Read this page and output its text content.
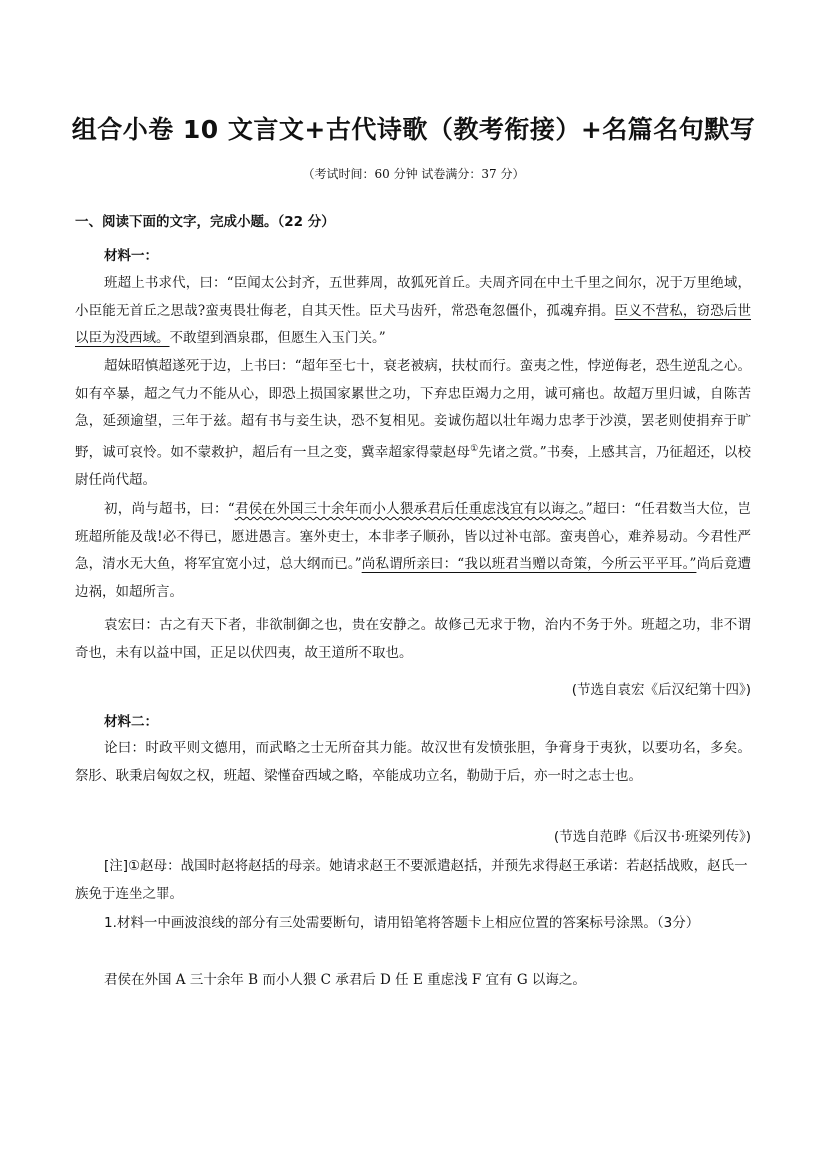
组合小卷 10 文言文+古代诗歌（教考衔接）+名篇名句默写
（考试时间：60 分钟 试卷满分：37 分）
一、阅读下面的文字，完成小题。（22 分）
材料一：
班超上书求代，曰：“臣闻太公封齐，五世葬周，故狐死首丘。夫周齐同在中土千里之间尔，况于万里绝域，小臣能无首丘之思哉?蛮夷畏壮侮老，自其天性。臣犬马齿歼，常恐奄忽僵仆，孤魂弃捐。臣义不营私，窃恐后世以臣为没西域。不敢望到酒泉郡，但愿生入玉门关。”
超妹昭慎超遂死于边，上书曰：“超年至七十，衰老被病，扶杖而行。蛮夷之性，悖逆侮老，恐生逆乱之心。如有卒暴，超之气力不能从心，即恐上损国家累世之功，下弃忠臣竭力之用，诚可痛也。故超万里归诚，自陈苦急，延颈逾望，三年于兹。超有书与妾生诀，恐不复相见。妾诚伤超以壮年竭力忠孝于沙漠，罢老则使捐弃于旷野，诚可哀怜。如不蒙救护，超后有一旦之变，冀幸超家得蒙赵母①先诸之赏。”书奏，上感其言，乃征超还，以校尉任尚代超。
初，尚与超书，曰：“君侯在外国三十余年而小人猥承君后任重虑浅宜有以诲之。”超曰：“任君数当大位，岂班超所能及哉!必不得已，愿进愚言。塞外吏士，本非孝子顺孙，皆以过补屯部。蛮夷兽心，难养易动。今君性严急，清水无大鱼，将军宜宽小过，总大纲而已。”尚私谓所亲曰：“我以班君当赠以奇策，今所云平平耳。”尚后竟遭边祸，如超所言。
袁宏曰：古之有天下者，非欲制御之也，贵在安静之。故修己无求于物，治内不务于外。班超之功，非不谓奇也，未有以益中国，正足以伏四夷，故王道所不取也。
(节选自袁宏《后汉纪第十四》)
材料二：
论曰：时政平则文德用，而武略之士无所奋其力能。故汉世有发愤张胆，争膏身于夷狄，以要功名，多矣。祭肜、耿秉启匈奴之权，班超、梁慬奋西域之略，卒能成功立名，勒勋于后，亦一时之志士也。
(节选自范晔《后汉书·班梁列传》)
[注]①赵母：战国时赵将赵括的母亲。她请求赵王不要派遣赵括，并预先求得赵王承诺：若赵括战败，赵氏一族免于连坐之罪。
1.材料一中画波浪线的部分有三处需要断句，请用铅笔将答题卡上相应位置的答案标号涂黑。（3分）
君侯在外国 A 三十余年 B 而小人猥 C 承君后 D 任 E 重虑浅 F 宜有 G 以诲之。
